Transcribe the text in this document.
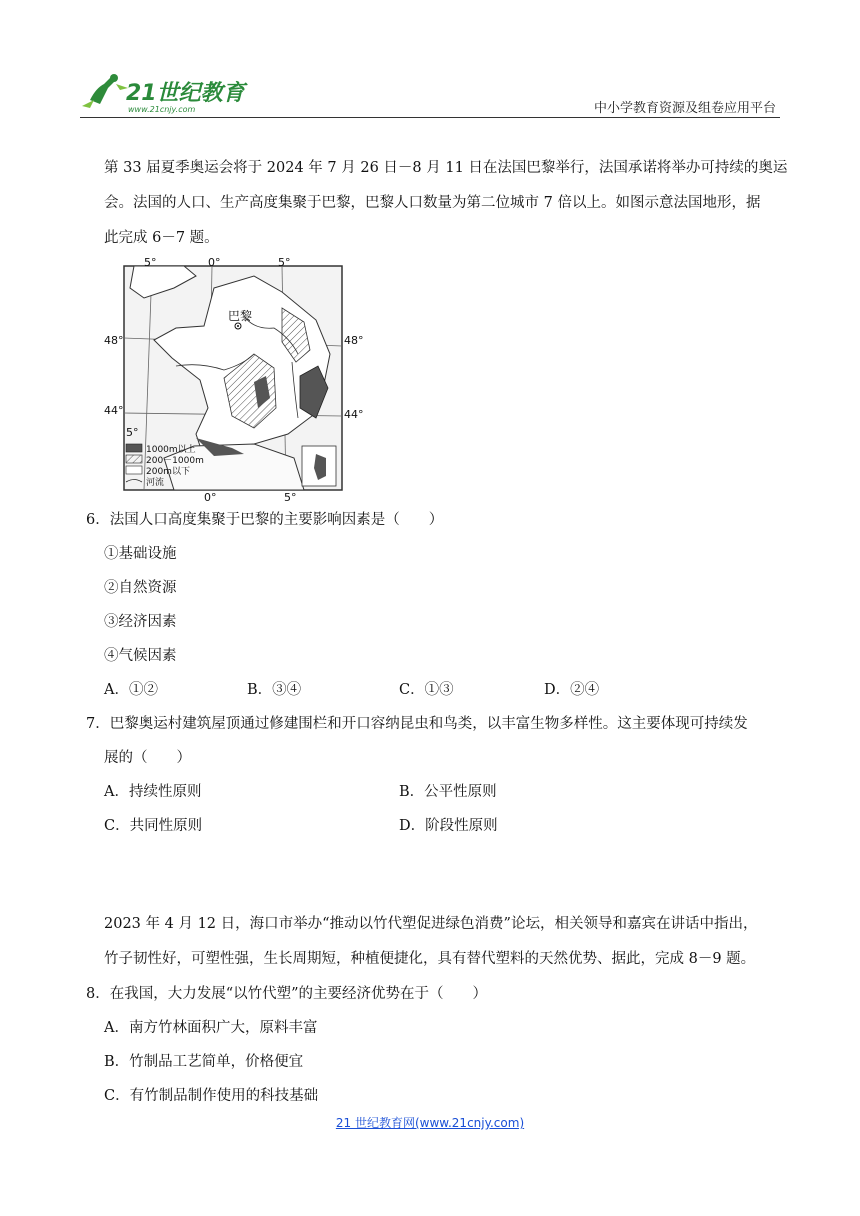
21世纪教育
www.21cnjy.com	中小学教育资源及组卷应用平台
第 33 届夏季奥运会将于 2024 年 7 月 26 日－8 月 11 日在法国巴黎举行，法国承诺将举办可持续的奥运
会。法国的人口、生产高度集聚于巴黎，巴黎人口数量为第二位城市 7 倍以上。如图示意法国地形，据
此完成 6－7 题。
巴黎
5°	0°	5°
0°	5°
5°
48°	48°
44°	44°
1000m以上
200－1000m
200m以下
河流
6．法国人口高度集聚于巴黎的主要影响因素是（　　）
①基础设施
②自然资源
③经济因素
④气候因素
A．①②	B．③④	C．①③	D．②④
7．巴黎奥运村建筑屋顶通过修建围栏和开口容纳昆虫和鸟类，以丰富生物多样性。这主要体现可持续发
展的（　　）
A．持续性原则	B．公平性原则
C．共同性原则	D．阶段性原则
2023 年 4 月 12 日，海口市举办“推动以竹代塑促进绿色消费”论坛，相关领导和嘉宾在讲话中指出，
竹子韧性好，可塑性强，生长周期短，种植便捷化，具有替代塑料的天然优势、据此，完成 8－9 题。
8．在我国，大力发展“以竹代塑”的主要经济优势在于（　　）
A．南方竹林面积广大，原料丰富
B．竹制品工艺简单，价格便宜
C．有竹制品制作使用的科技基础
21 世纪教育网(www.21cnjy.com)
